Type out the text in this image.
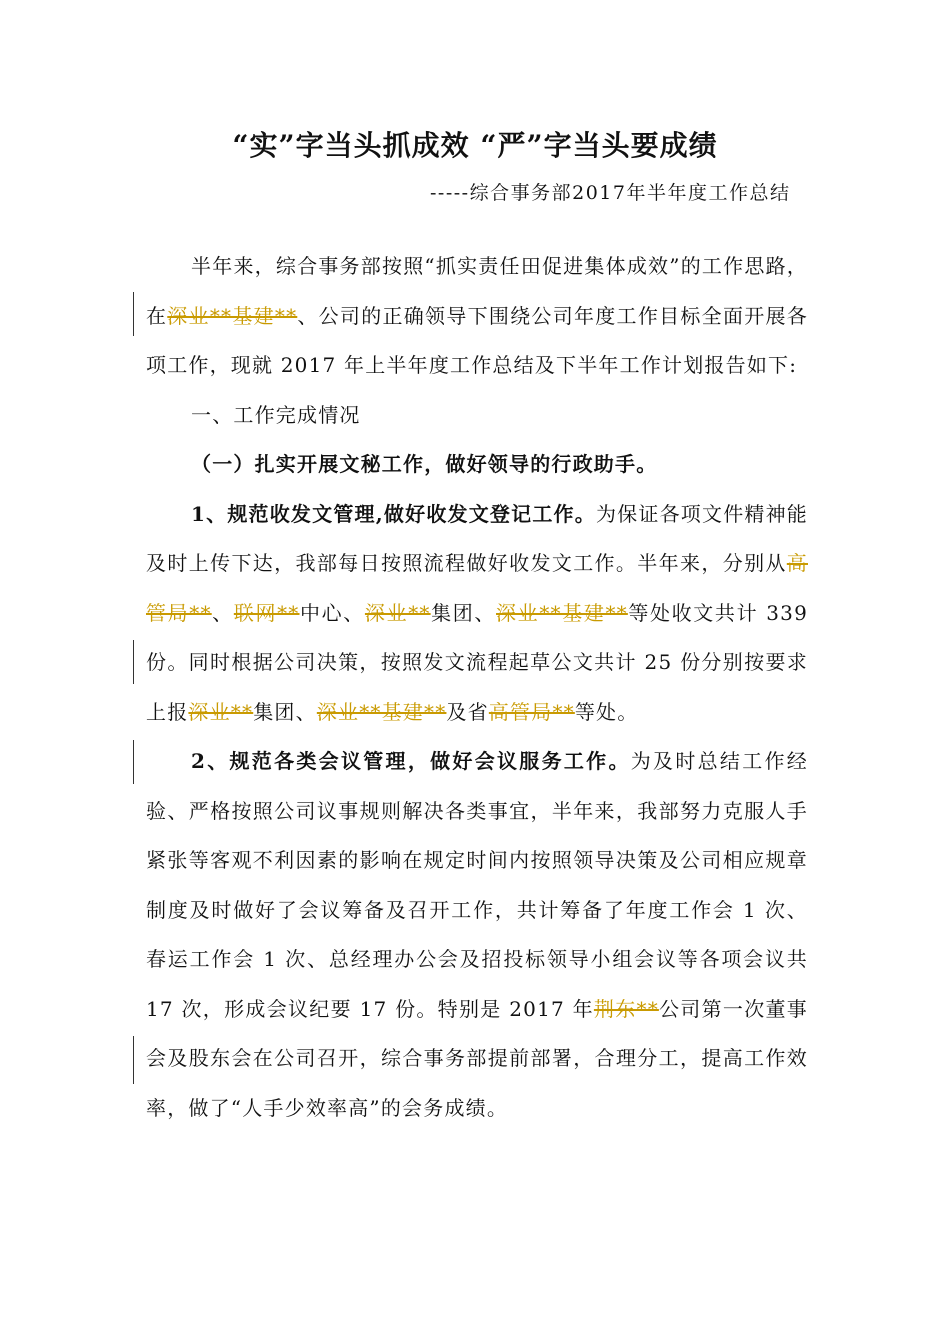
“实”字当头抓成效 “严”字当头要成绩

-----综合事务部2017年半年度工作总结

半年来，综合事务部按照“抓实责任田促进集体成效”的工作思路，在深业**基建**、公司的正确领导下围绕公司年度工作目标全面开展各项工作，现就 2017 年上半年度工作总结及下半年工作计划报告如下:

一、工作完成情况

（一）扎实开展文秘工作，做好领导的行政助手。

1、规范收发文管理,做好收发文登记工作。为保证各项文件精神能及时上传下达，我部每日按照流程做好收发文工作。半年来，分别从高管局**、联网**中心、深业**集团、深业**基建**等处收文共计 339 份。同时根据公司决策，按照发文流程起草公文共计 25 份分别按要求上报深业**集团、深业**基建**及省高管局**等处。

2、规范各类会议管理，做好会议服务工作。为及时总结工作经验、严格按照公司议事规则解决各类事宜，半年来，我部努力克服人手紧张等客观不利因素的影响在规定时间内按照领导决策及公司相应规章制度及时做好了会议筹备及召开工作，共计筹备了年度工作会 1 次、春运工作会 1 次、总经理办公会及招投标领导小组会议等各项会议共 17 次，形成会议纪要 17 份。特别是 2017 年荆东**公司第一次董事会及股东会在公司召开，综合事务部提前部署，合理分工，提高工作效率，做了“人手少效率高”的会务成绩。
